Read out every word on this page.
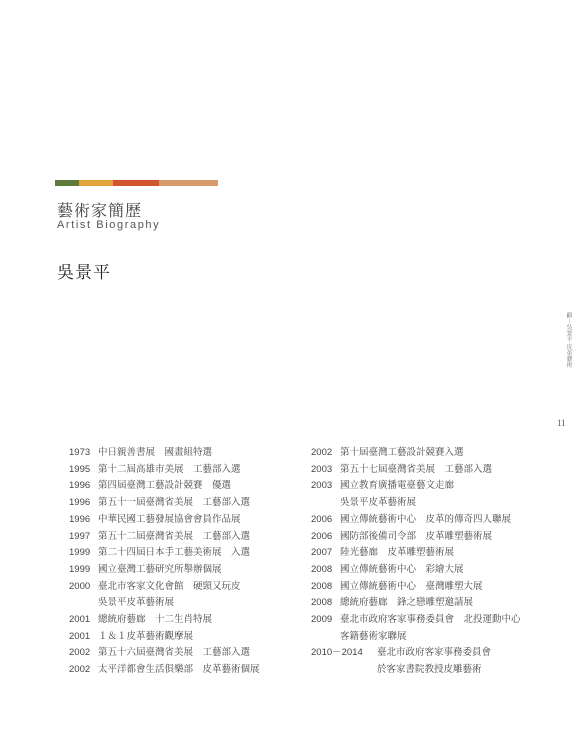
藝術家簡歷
Artist Biography
吳景平
顧－吳景平 皮革藝術
11
1973 中日親善書展　國畫組特選
1995 第十二屆高雄市美展　工藝部入選
1996 第四屆臺灣工藝設計競賽　優選
1996 第五十一屆臺灣省美展　工藝部入選
1996 中華民國工藝發展協會會員作品展
1997 第五十二屆臺灣省美展　工藝部入選
1999 第二十四屆日本手工藝美術展　入選
1999 國立臺灣工藝研究所舉辦個展
2000 臺北市客家文化會館　硬頸又玩皮
吳景平皮革藝術展
2001 總統府藝廊　十二生肖特展
2001 １＆１皮革藝術觀摩展
2002 第五十六屆臺灣省美展　工藝部入選
2002 太平洋都會生活俱樂部　皮革藝術個展
2002 第十屆臺灣工藝設計競賽入選
2003 第五十七屆臺灣省美展　工藝部入選
2003 國立教育廣播電臺藝文走廊
吳景平皮革藝術展
2006 國立傳統藝術中心　皮革的傳奇四人聯展
2006 國防部後備司令部　皮革雕塑藝術展
2007 陸光藝廊　皮革雕塑藝術展
2008 國立傳統藝術中心　彩繪大展
2008 國立傳統藝術中心　臺灣雕塑大展
2008 總統府藝廊　鋒之戀雕塑邀請展
2009 臺北市政府客家事務委員會　北投運動中心
客籍藝術家聯展
2010－2014	臺北市政府客家事務委員會
於客家書院教授皮雕藝術
